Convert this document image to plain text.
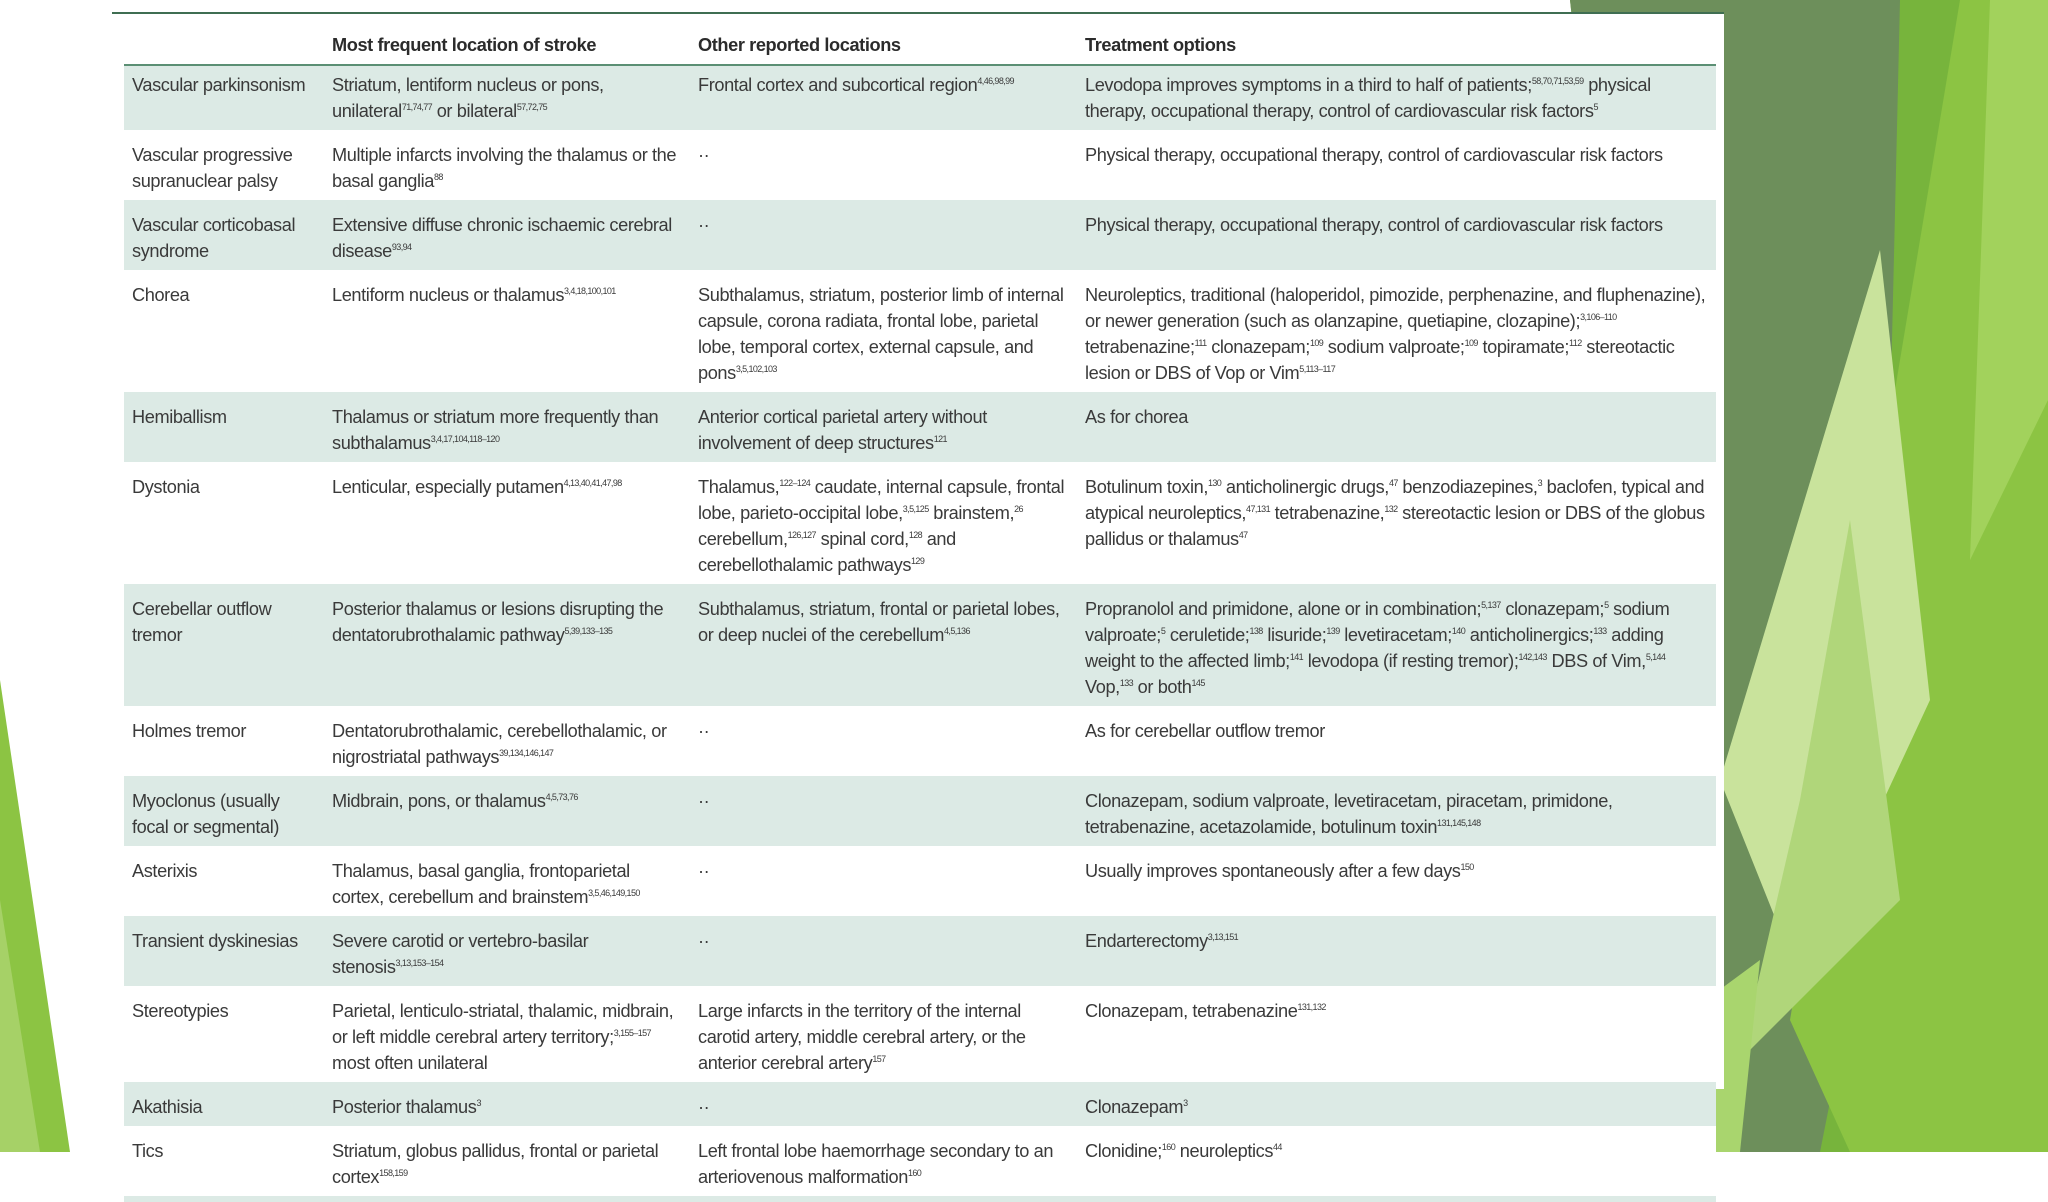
	Most frequent location of stroke	Other reported locations	Treatment options
Vascular parkinsonism	Striatum, lentiform nucleus or pons, unilateral$^{71,74,77}$ or bilateral$^{57,72,75}$	Frontal cortex and subcortical region$^{4,46,98,99}$	Levodopa improves symptoms in a third to half of patients;$^{58,70,71,53,59}$ physical therapy, occupational therapy, control of cardiovascular risk factors$^5$
Vascular progressive supranuclear palsy	Multiple infarcts involving the thalamus or the basal ganglia$^{88}$	··	Physical therapy, occupational therapy, control of cardiovascular risk factors
Vascular corticobasal syndrome	Extensive diffuse chronic ischaemic cerebral disease$^{93,94}$	··	Physical therapy, occupational therapy, control of cardiovascular risk factors
Chorea	Lentiform nucleus or thalamus$^{3,4,18,100,101}$	Subthalamus, striatum, posterior limb of internal capsule, corona radiata, frontal lobe, parietal lobe, temporal cortex, external capsule, and pons$^{3,5,102,103}$	Neuroleptics, traditional (haloperidol, pimozide, perphenazine, and fluphenazine), or newer generation (such as olanzapine, quetiapine, clozapine);$^{3,106-110}$ tetrabenazine;$^{111}$ clonazepam;$^{109}$ sodium valproate;$^{109}$ topiramate;$^{112}$ stereotactic lesion or DBS of Vop or Vim$^{5,113-117}$
Hemiballism	Thalamus or striatum more frequently than subthalamus$^{3,4,17,104,118-120}$	Anterior cortical parietal artery without involvement of deep structures$^{121}$	As for chorea
Dystonia	Lenticular, especially putamen$^{4,13,40,41,47,98}$	Thalamus,$^{122-124}$ caudate, internal capsule, frontal lobe, parieto-occipital lobe,$^{3,5,125}$ brainstem,$^{26}$ cerebellum,$^{126,127}$ spinal cord,$^{128}$ and cerebellothalamic pathways$^{129}$	Botulinum toxin,$^{130}$ anticholinergic drugs,$^{47}$ benzodiazepines,$^3$ baclofen, typical and atypical neuroleptics,$^{47,131}$ tetrabenazine,$^{132}$ stereotactic lesion or DBS of the globus pallidus or thalamus$^{47}$
Cerebellar outflow tremor	Posterior thalamus or lesions disrupting the dentatorubrothalamic pathway$^{5,39,133-135}$	Subthalamus, striatum, frontal or parietal lobes, or deep nuclei of the cerebellum$^{4,5,136}$	Propranolol and primidone, alone or in combination;$^{5,137}$ clonazepam;$^5$ sodium valproate;$^5$ ceruletide;$^{138}$ lisuride;$^{139}$ levetiracetam;$^{140}$ anticholinergics;$^{133}$ adding weight to the affected limb;$^{141}$ levodopa (if resting tremor);$^{142,143}$ DBS of Vim,$^{5,144}$ Vop,$^{133}$ or both$^{145}$
Holmes tremor	Dentatorubrothalamic, cerebellothalamic, or nigrostriatal pathways$^{39,134,146,147}$	··	As for cerebellar outflow tremor
Myoclonus (usually focal or segmental)	Midbrain, pons, or thalamus$^{4,5,73,76}$	··	Clonazepam, sodium valproate, levetiracetam, piracetam, primidone, tetrabenazine, acetazolamide, botulinum toxin$^{131,145,148}$
Asterixis	Thalamus, basal ganglia, frontoparietal cortex, cerebellum and brainstem$^{3,5,46,149,150}$	··	Usually improves spontaneously after a few days$^{150}$
Transient dyskinesias	Severe carotid or vertebro-basilar stenosis$^{3,13,153-154}$	··	Endarterectomy$^{3,13,151}$
Stereotypies	Parietal, lenticulo-striatal, thalamic, midbrain, or left middle cerebral artery territory;$^{3,155-157}$ most often unilateral	Large infarcts in the territory of the internal carotid artery, middle cerebral artery, or the anterior cerebral artery$^{157}$	Clonazepam, tetrabenazine$^{131,132}$
Akathisia	Posterior thalamus$^3$	··	Clonazepam$^3$
Tics	Striatum, globus pallidus, frontal or parietal cortex$^{158,159}$	Left frontal lobe haemorrhage secondary to an arteriovenous malformation$^{160}$	Clonidine;$^{160}$ neuroleptics$^{44}$
